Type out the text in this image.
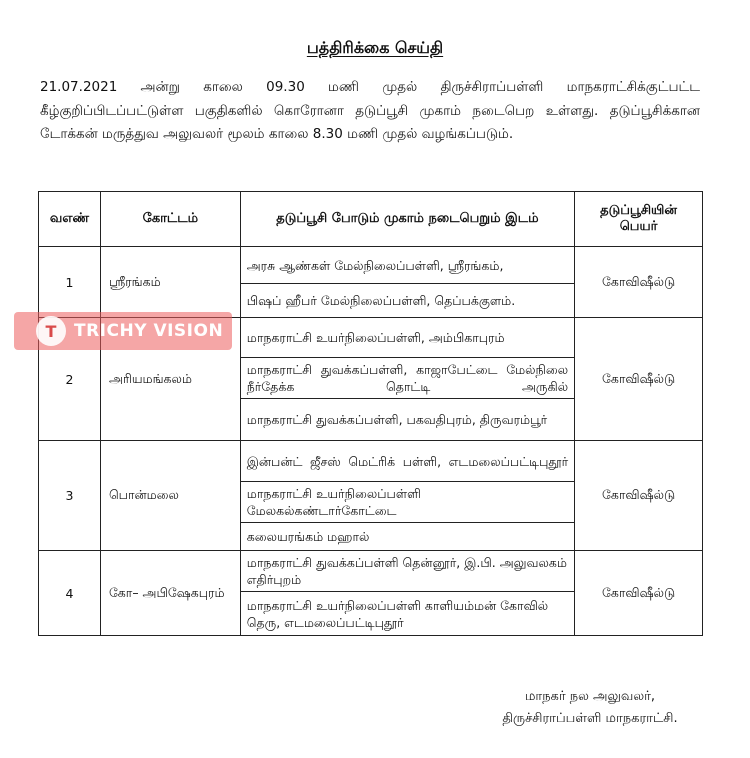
பத்திரிக்கை செய்தி
21.07.2021 அன்று காலை 09.30 மணி முதல் திருச்சிராப்பள்ளி மாநகராட்சிக்குட்பட்ட கீழ்குறிப்பிடப்பட்டுள்ள பகுதிகளில் கொரோனா தடுப்பூசி முகாம் நடைபெற உள்ளது. தடுப்பூசிக்கான டோக்கன் மருத்துவ அலுவலர் மூலம் காலை 8.30 மணி முதல் வழங்கப்படும்.
வஎண்	கோட்டம்	தடுப்பூசி போடும் முகாம் நடைபெறும் இடம்	தடுப்பூசியின் பெயர்
1	ஸ்ரீரங்கம்	அரசு ஆண்கள் மேல்நிலைப்பள்ளி, ஸ்ரீரங்கம்,	கோவிஷீல்டு
		பிஷப் ஹீபர் மேல்நிலைப்பள்ளி, தெப்பக்குளம்.	
2	அரியமங்கலம்	மாநகராட்சி உயர்நிலைப்பள்ளி, அம்பிகாபுரம்	கோவிஷீல்டு
		மாநகராட்சி துவக்கப்பள்ளி, காஜாபேட்டை மேல்நிலை நீர்தேக்க தொட்டி அருகில்	
		மாநகராட்சி துவக்கப்பள்ளி, பகவதிபுரம், திருவரம்பூர்	
3	பொன்மலை	இன்பன்ட் ஜீசஸ் மெட்ரிக் பள்ளி, எடமலைப்பட்டிபுதூர்	கோவிஷீல்டு
		மாநகராட்சி உயர்நிலைப்பள்ளி மேலகல்கண்டார்கோட்டை	
		கலையரங்கம் மஹால்	
4	கோ– அபிஷேகபுரம்	மாநகராட்சி துவக்கப்பள்ளி தென்னூர், இ.பி. அலுவலகம் எதிர்புறம்	கோவிஷீல்டு
		மாநகராட்சி உயர்நிலைப்பள்ளி காளியம்மன் கோவில் தெரு, எடமலைப்பட்டிபுதூர்	
T	TRICHY VISION
மாநகர் நல அலுவலர்,
திருச்சிராப்பள்ளி மாநகராட்சி.
